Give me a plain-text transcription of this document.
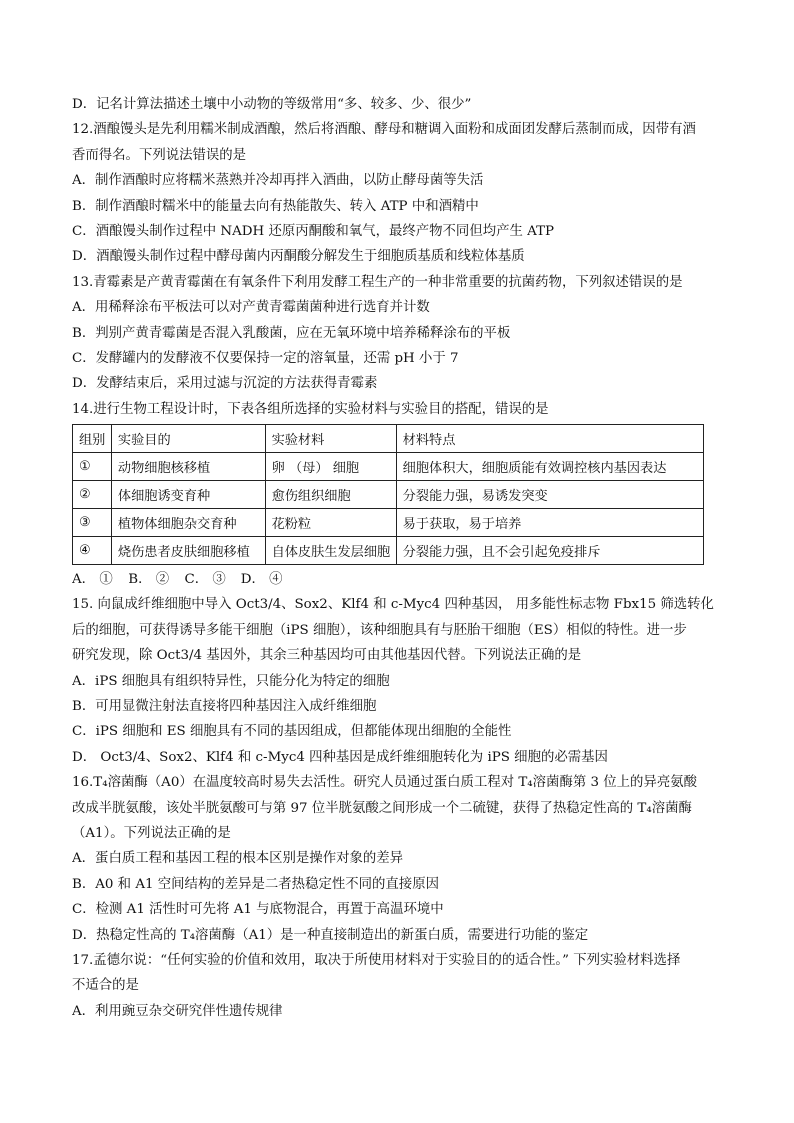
D．记名计算法描述土壤中小动物的等级常用“多、较多、少、很少”
12.酒酿馒头是先利用糯米制成酒酿，然后将酒酿、酵母和糖调入面粉和成面团发酵后蒸制而成，因带有酒
香而得名。下列说法错误的是
A．制作酒酿时应将糯米蒸熟并冷却再拌入酒曲，以防止酵母菌等失活
B．制作酒酿时糯米中的能量去向有热能散失、转入 ATP 中和酒精中
C．酒酿馒头制作过程中 NADH 还原丙酮酸和氧气，最终产物不同但均产生 ATP
D．酒酿馒头制作过程中酵母菌内丙酮酸分解发生于细胞质基质和线粒体基质
13.青霉素是产黄青霉菌在有氧条件下利用发酵工程生产的一种非常重要的抗菌药物，下列叙述错误的是
A．用稀释涂布平板法可以对产黄青霉菌菌种进行选育并计数
B．判别产黄青霉菌是否混入乳酸菌，应在无氧环境中培养稀释涂布的平板
C．发酵罐内的发酵液不仅要保持一定的溶氧量，还需 pH 小于 7
D．发酵结束后，采用过滤与沉淀的方法获得青霉素
14.进行生物工程设计时，下表各组所选择的实验材料与实验目的搭配，错误的是
组别	实验目的	实验材料	材料特点
①	动物细胞核移植	卵 （母） 细胞	细胞体积大，细胞质能有效调控核内基因表达
②	体细胞诱变育种	愈伤组织细胞	分裂能力强，易诱发突变
③	植物体细胞杂交育种	花粉粒	易于获取，易于培养
④	烧伤患者皮肤细胞移植	自体皮肤生发层细胞	分裂能力强，且不会引起免疫排斥
A． ① B． ② C． ③ D． ④
15. 向鼠成纤维细胞中导入 Oct3/4、Sox2、Klf4 和 c-Myc4 四种基因， 用多能性标志物 Fbx15 筛选转化
后的细胞，可获得诱导多能干细胞（iPS 细胞），该种细胞具有与胚胎干细胞（ES）相似的特性。进一步
研究发现，除 Oct3/4 基因外，其余三种基因均可由其他基因代替。下列说法正确的是
A．iPS 细胞具有组织特异性，只能分化为特定的细胞
B．可用显微注射法直接将四种基因注入成纤维细胞
C．iPS 细胞和 ES 细胞具有不同的基因组成，但都能体现出细胞的全能性
D． Oct3/4、Sox2、Klf4 和 c-Myc4 四种基因是成纤维细胞转化为 iPS 细胞的必需基因
16.T₄溶菌酶（A0）在温度较高时易失去活性。研究人员通过蛋白质工程对 T₄溶菌酶第 3 位上的异亮氨酸
改成半胱氨酸，该处半胱氨酸可与第 97 位半胱氨酸之间形成一个二硫键，获得了热稳定性高的 T₄溶菌酶
（A1）。下列说法正确的是
A．蛋白质工程和基因工程的根本区别是操作对象的差异
B．A0 和 A1 空间结构的差异是二者热稳定性不同的直接原因
C．检测 A1 活性时可先将 A1 与底物混合，再置于高温环境中
D．热稳定性高的 T₄溶菌酶（A1）是一种直接制造出的新蛋白质，需要进行功能的鉴定
17.孟德尔说：“任何实验的价值和效用，取决于所使用材料对于实验目的的适合性。” 下列实验材料选择
不适合的是
A．利用豌豆杂交研究伴性遗传规律
